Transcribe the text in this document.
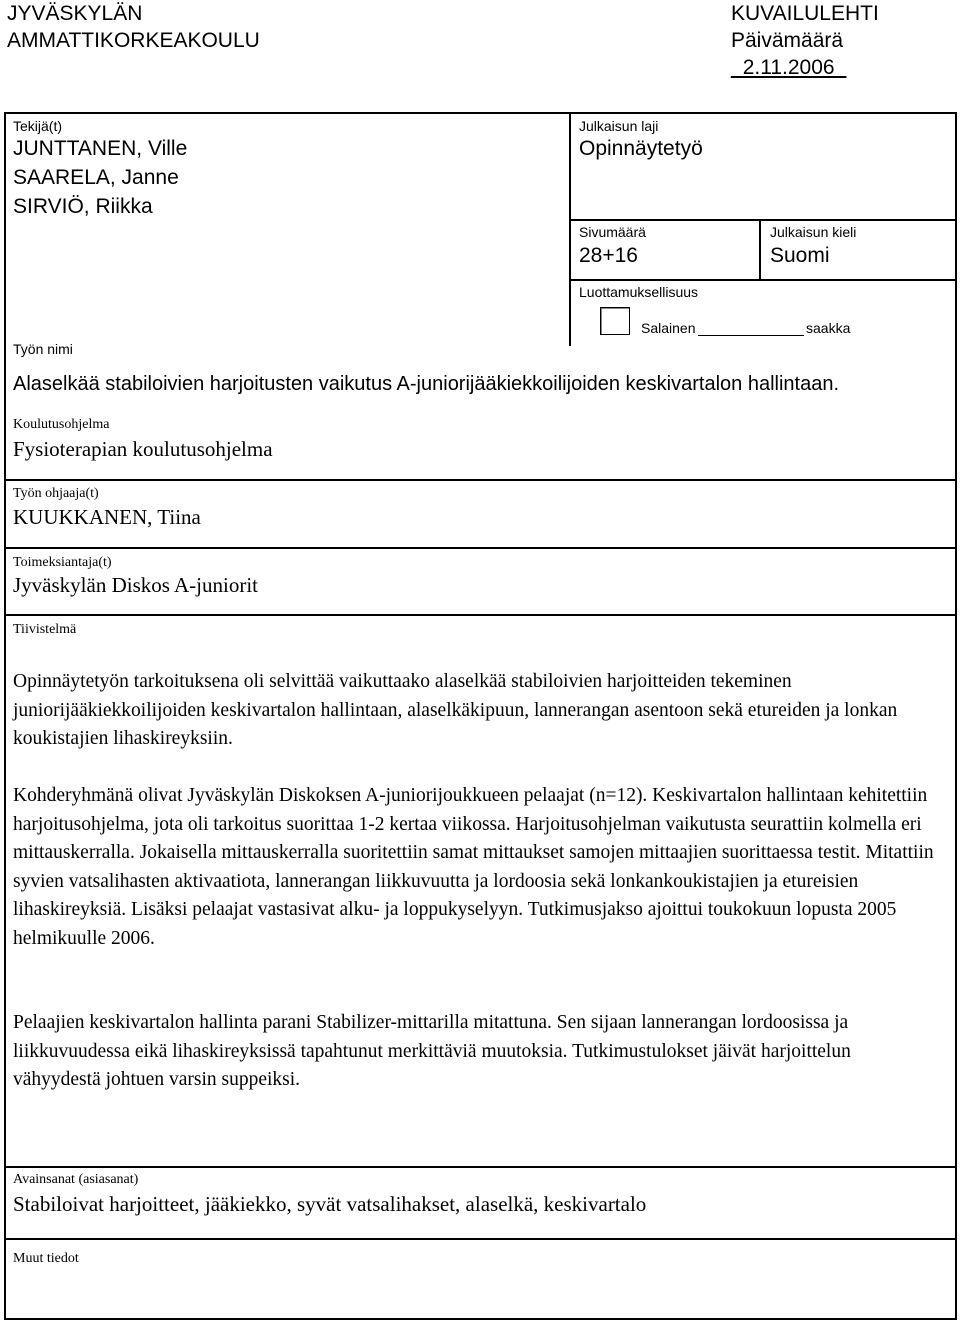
JYVÄSKYLÄN
AMMATTIKORKEAKOULU
KUVAILULEHTI
Päivämäärä
_2.11.2006_
Tekijä(t)
JUNTTANEN, Ville
SAARELA, Janne
SIRVIÖ, Riikka
Julkaisun laji
Opinnäytetyö
Sivumäärä
28+16
Julkaisun kieli
Suomi
Luottamuksellisuus
Salainen	saakka
Työn nimi
Alaselkää stabiloivien harjoitusten vaikutus A-juniorijääkiekkoilijoiden keskivartalon hallintaan.
Koulutusohjelma
Fysioterapian koulutusohjelma
Työn ohjaaja(t)
KUUKKANEN, Tiina
Toimeksiantaja(t)
Jyväskylän Diskos A-juniorit
Tiivistelmä
Opinnäytetyön tarkoituksena oli selvittää vaikuttaako alaselkää stabiloivien harjoitteiden tekeminen juniorijääkiekkoilijoiden keskivartalon hallintaan, alaselkäkipuun, lannerangan asentoon sekä etureiden ja lonkan koukistajien lihaskireyksiin.
Kohderyhmänä olivat Jyväskylän Diskoksen A-juniorijoukkueen pelaajat (n=12). Keskivartalon hallintaan kehitettiin harjoitusohjelma, jota oli tarkoitus suorittaa 1-2 kertaa viikossa. Harjoitusohjelman vaikutusta seurattiin kolmella eri mittauskerralla. Jokaisella mittauskerralla suoritettiin samat mittaukset samojen mittaajien suorittaessa testit. Mitattiin syvien vatsalihasten aktivaatiota, lannerangan liikkuvuutta ja lordoosia sekä lonkankoukistajien ja etureisien lihaskireyksiä. Lisäksi pelaajat vastasivat alku- ja loppukyselyyn. Tutkimusjakso ajoittui toukokuun lopusta 2005 helmikuulle 2006.
Pelaajien keskivartalon hallinta parani Stabilizer-mittarilla mitattuna. Sen sijaan lannerangan lordoosissa ja liikkuvuudessa eikä lihaskireyksissä tapahtunut merkittäviä muutoksia. Tutkimustulokset jäivät harjoittelun vähyydestä johtuen varsin suppeiksi.
Avainsanat (asiasanat)
Stabiloivat harjoitteet, jääkiekko, syvät vatsalihakset, alaselkä, keskivartalo
Muut tiedot
